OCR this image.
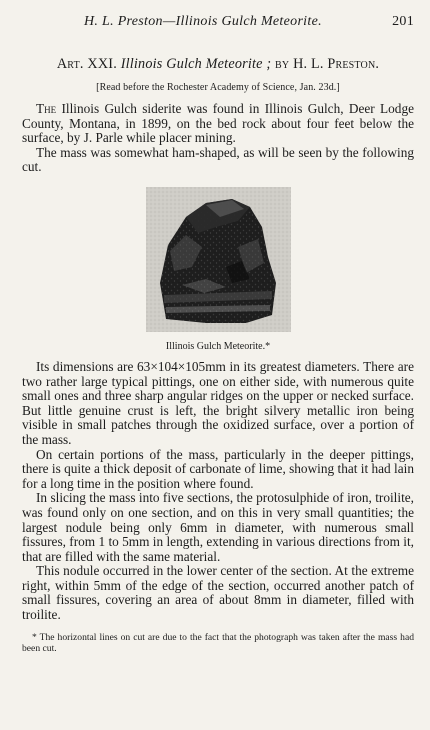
H. L. Preston—Illinois Gulch Meteorite.	201
Art. XXI. Illinois Gulch Meteorite ; by H. L. Preston.
[Read before the Rochester Academy of Science, Jan. 23d.]

The Illinois Gulch siderite was found in Illinois Gulch, Deer Lodge County, Montana, in 1899, on the bed rock about four feet below the surface, by J. Parle while placer mining.

The mass was somewhat ham-shaped, as will be seen by the following cut.

Illinois Gulch Meteorite.*

Its dimensions are 63×104×105mm in its greatest diameters. There are two rather large typical pittings, one on either side, with numerous quite small ones and three sharp angular ridges on the upper or necked surface. But little genuine crust is left, the bright silvery metallic iron being visible in small patches through the oxidized surface, over a portion of the mass.

On certain portions of the mass, particularly in the deeper pittings, there is quite a thick deposit of carbonate of lime, showing that it had lain for a long time in the position where found.

In slicing the mass into five sections, the protosulphide of iron, troilite, was found only on one section, and on this in very small quantities; the largest nodule being only 6mm in diameter, with numerous small fissures, from 1 to 5mm in length, extending in various directions from it, that are filled with the same material.

This nodule occurred in the lower center of the section. At the extreme right, within 5mm of the edge of the section, occurred another patch of small fissures, covering an area of about 8mm in diameter, filled with troilite.

* The horizontal lines on cut are due to the fact that the photograph was taken after the mass had been cut.
